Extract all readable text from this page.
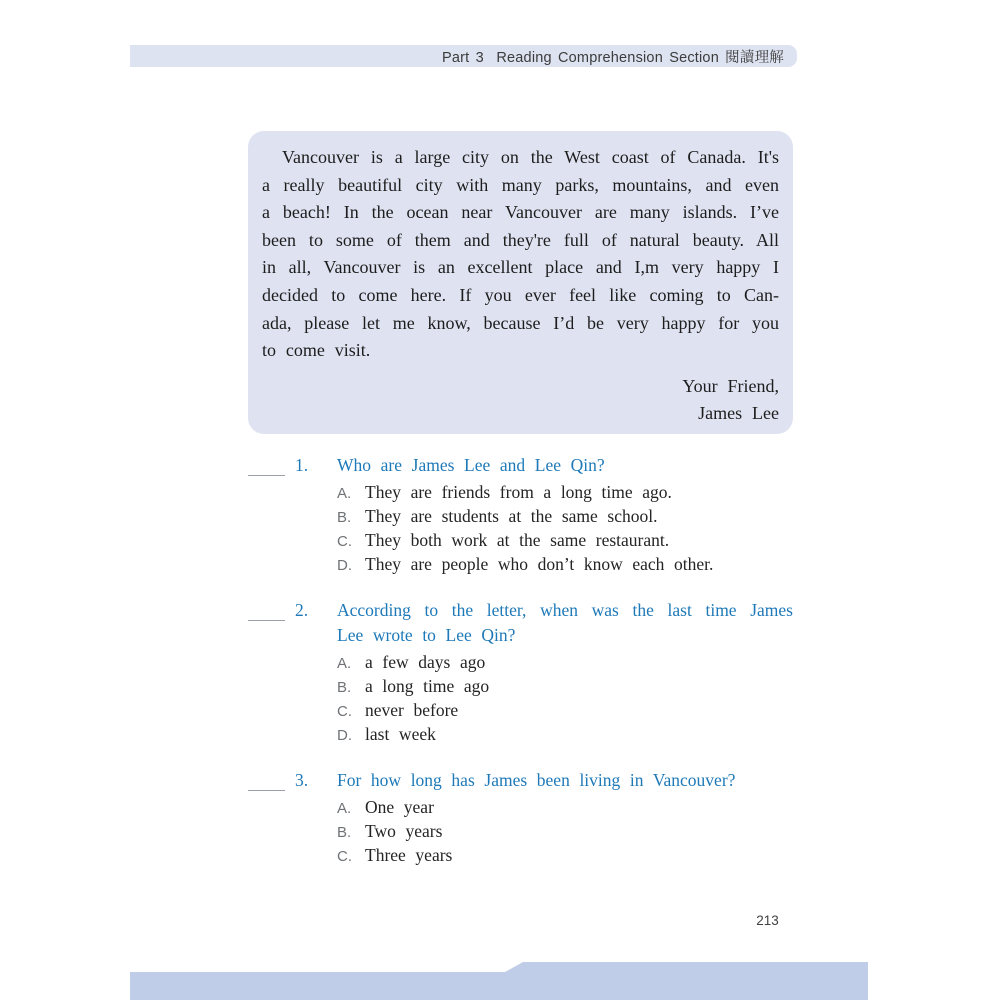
Part 3  Reading Comprehension Section 閱讀理解
Vancouver is a large city on the West coast of Canada. It's
a really beautiful city with many parks, mountains, and even
a beach! In the ocean near Vancouver are many islands. I’ve
been to some of them and they're full of natural beauty. All
in all, Vancouver is an excellent place and I,m very happy I
decided to come here. If you ever feel like coming to Can-
ada, please let me know, because I’d be very happy for you
to come visit.
Your Friend,
James Lee
1.	Who are James Lee and Lee Qin?
A. They are friends from a long time ago.
B. They are students at the same school.
C. They both work at the same restaurant.
D. They are people who don’t know each other.
2.	According to the letter, when was the last time James
Lee wrote to Lee Qin?
A. a few days ago
B. a long time ago
C. never before
D. last week
3.	For how long has James been living in Vancouver?
A. One year
B. Two years
C. Three years
213
